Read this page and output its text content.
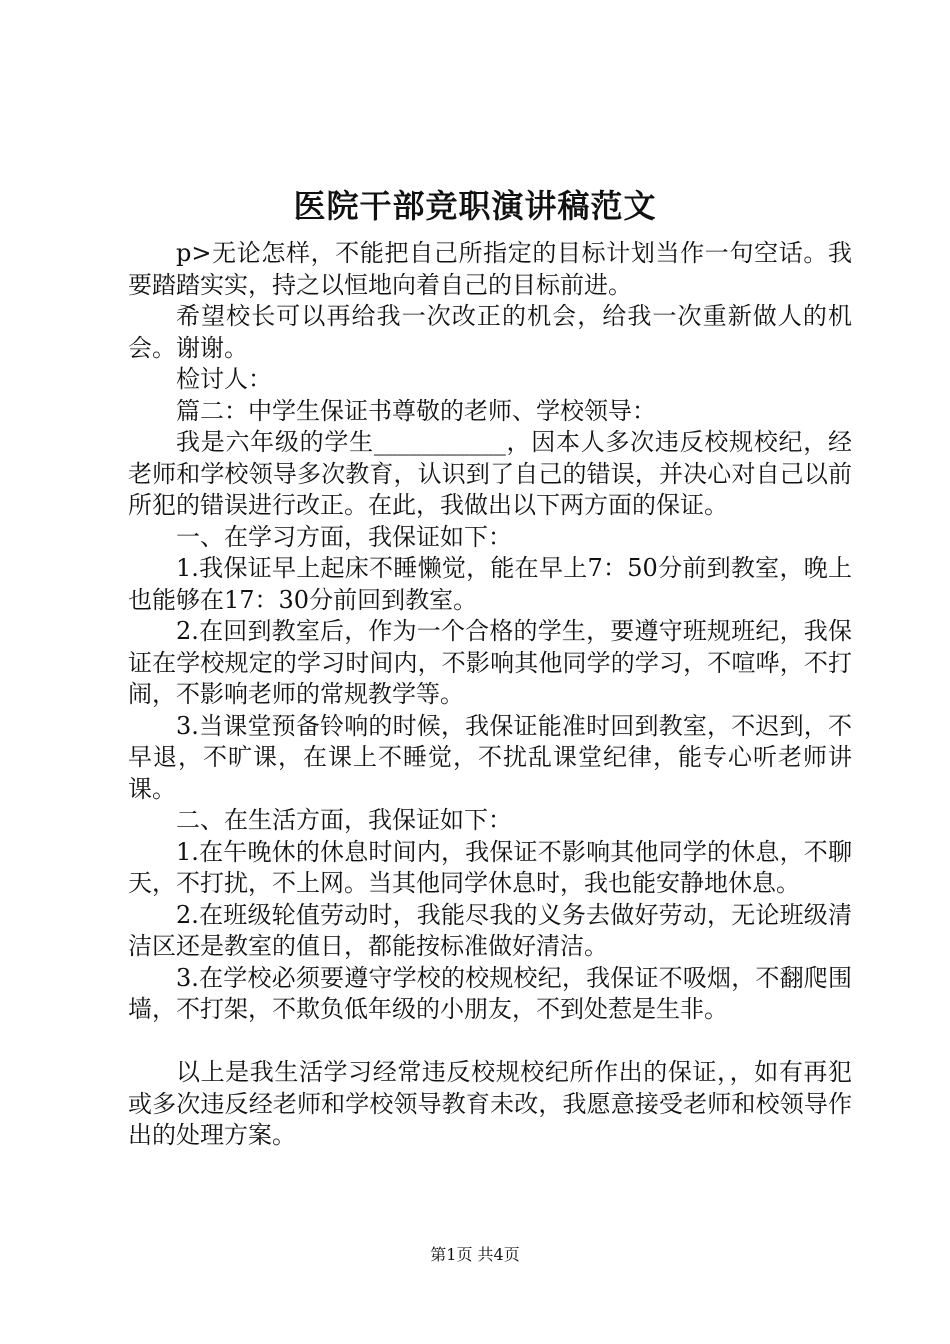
医院干部竞职演讲稿范文

p>无论怎样，不能把自己所指定的目标计划当作一句空话。我要踏踏实实，持之以恒地向着自己的目标前进。

希望校长可以再给我一次改正的机会，给我一次重新做人的机会。谢谢。

检讨人：

篇二：中学生保证书尊敬的老师、学校领导：

我是六年级的学生___________，因本人多次违反校规校纪，经老师和学校领导多次教育，认识到了自己的错误，并决心对自己以前所犯的错误进行改正。在此，我做出以下两方面的保证。

一、在学习方面，我保证如下：

1.我保证早上起床不睡懒觉，能在早上7：50分前到教室，晚上也能够在17：30分前回到教室。

2.在回到教室后，作为一个合格的学生，要遵守班规班纪，我保证在学校规定的学习时间内，不影响其他同学的学习，不喧哗，不打闹，不影响老师的常规教学等。

3.当课堂预备铃响的时候，我保证能准时回到教室，不迟到，不早退，不旷课，在课上不睡觉，不扰乱课堂纪律，能专心听老师讲课。

二、在生活方面，我保证如下：

1.在午晚休的休息时间内，我保证不影响其他同学的休息，不聊天，不打扰，不上网。当其他同学休息时，我也能安静地休息。

2.在班级轮值劳动时，我能尽我的义务去做好劳动，无论班级清洁区还是教室的值日，都能按标准做好清洁。

3.在学校必须要遵守学校的校规校纪，我保证不吸烟，不翻爬围墙，不打架，不欺负低年级的小朋友，不到处惹是生非。

以上是我生活学习经常违反校规校纪所作出的保证，，如有再犯或多次违反经老师和学校领导教育未改，我愿意接受老师和校领导作出的处理方案。

第1页 共4页
